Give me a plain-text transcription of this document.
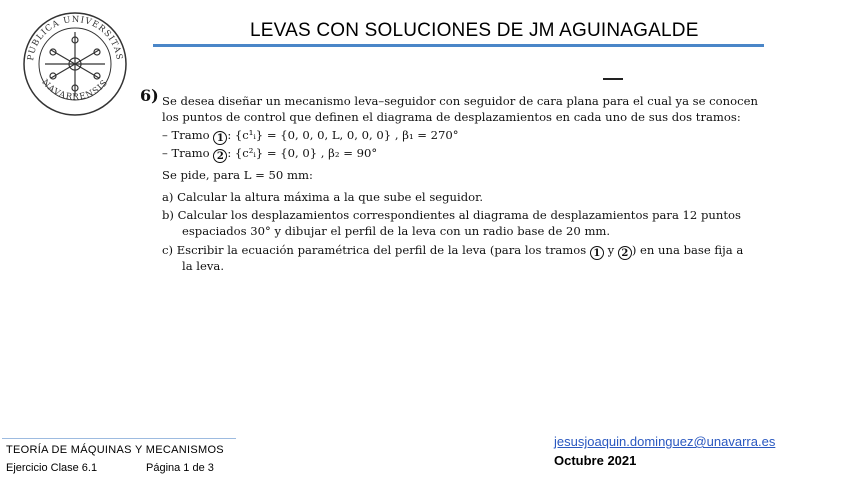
LEVAS CON SOLUCIONES DE JM AGUINAGALDE
PUBLICA UNIVERSITAS
NAVARRENSIS
6) Se desea diseñar un mecanismo leva–seguidor con seguidor de cara plana para el cual ya se conocen
los puntos de control que definen el diagrama de desplazamientos en cada uno de sus dos tramos:
– Tramo 1 : {c¹ᵢ} = {0, 0, 0, L, 0, 0, 0} , β₁ = 270°
– Tramo 2 : {c²ᵢ} = {0, 0} , β₂ = 90°
Se pide, para L = 50 mm:
a) Calcular la altura máxima a la que sube el seguidor.
b) Calcular los desplazamientos correspondientes al diagrama de desplazamientos para 12 puntos
espaciados 30° y dibujar el perfil de la leva con un radio base de 20 mm.
c) Escribir la ecuación paramétrica del perfil de la leva (para los tramos 1 y 2 ) en una base fija a
la leva.
TEORÍA DE MÁQUINAS Y MECANISMOS
Ejercicio Clase 6.1	Página 1 de 3
jesusjoaquin.dominguez@unavarra.es
Octubre 2021
